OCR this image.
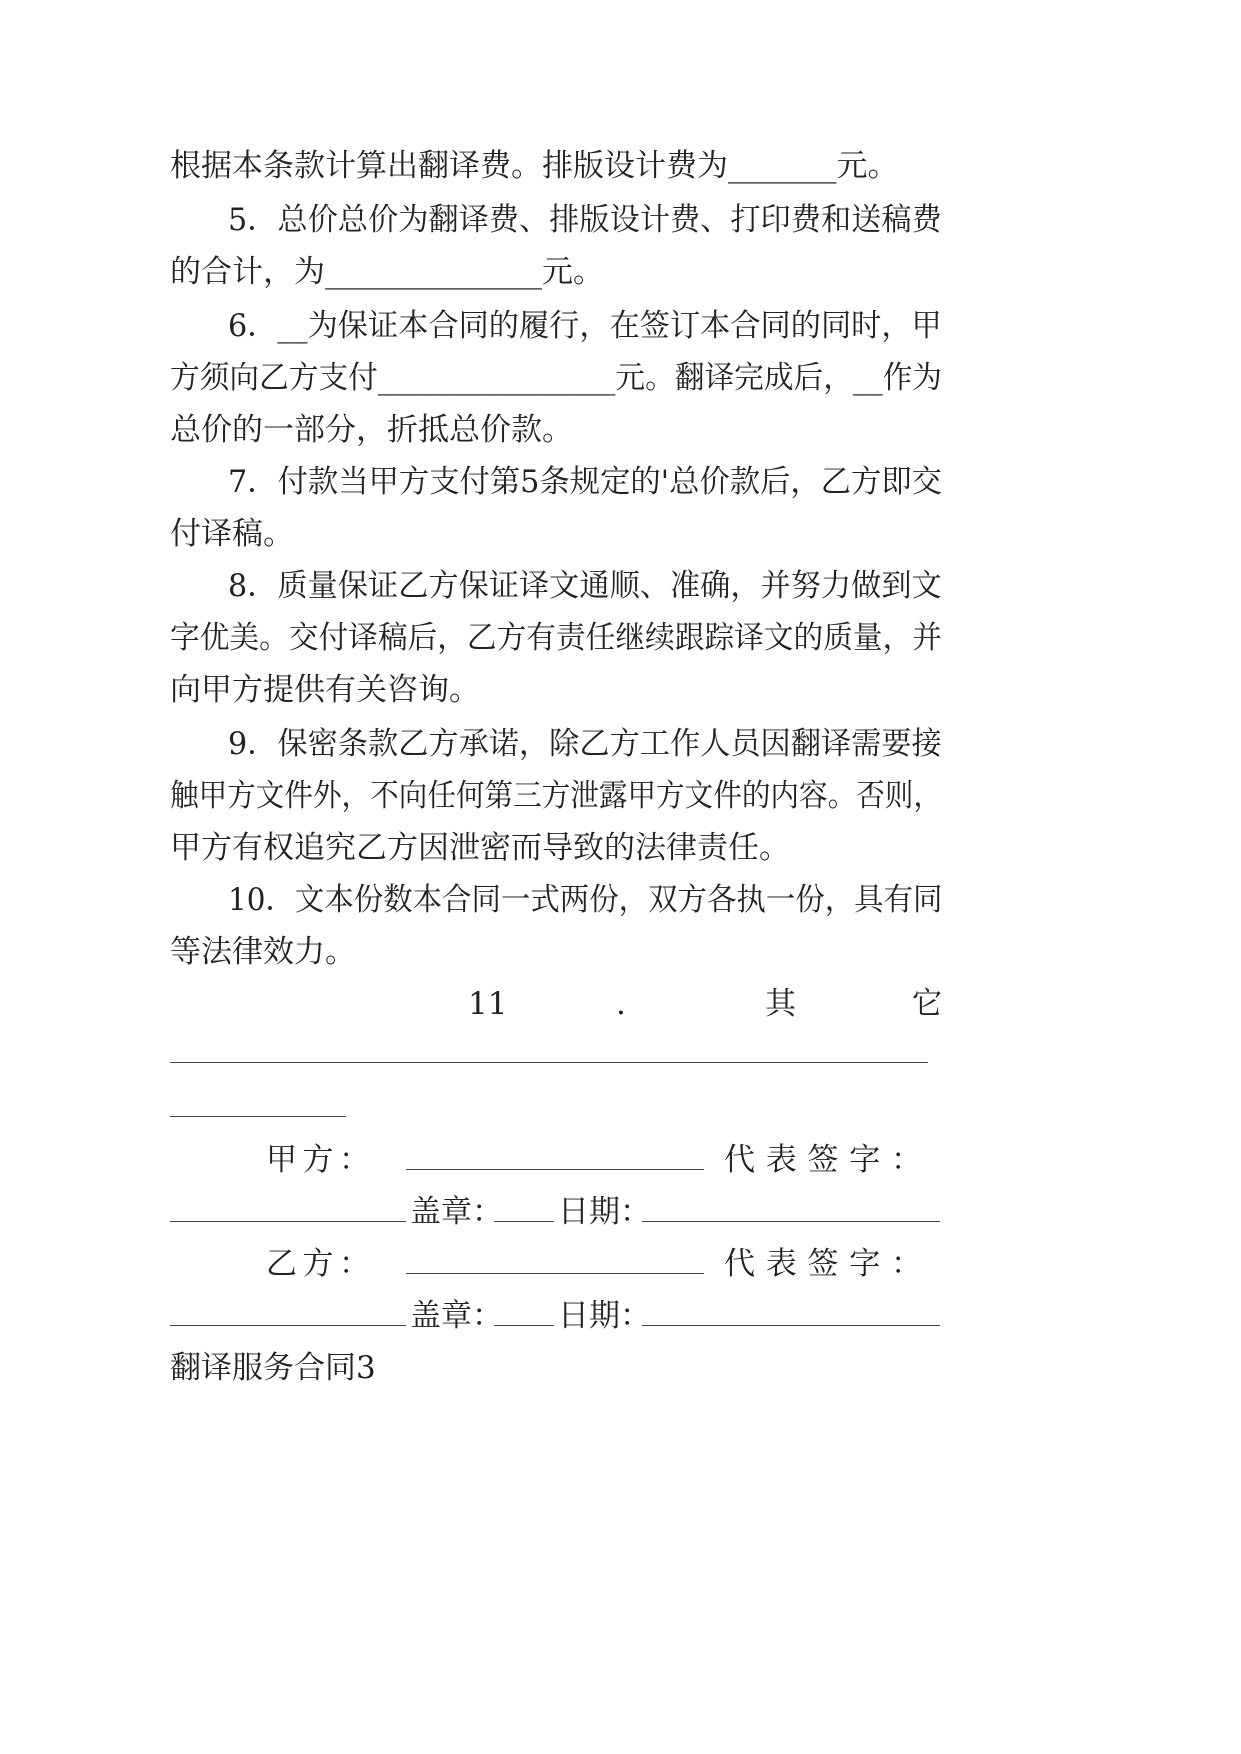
根据本条款计算出翻译费。排版设计费为_______元。
5．总价总价为翻译费、排版设计费、打印费和送稿费
的合计，为______________元。
6．__为保证本合同的履行，在签订本合同的同时，甲
方须向乙方支付________________元。翻译完成后，__作为
总价的一部分，折抵总价款。
7．付款当甲方支付第5条规定的'总价款后，乙方即交
付译稿。
8．质量保证乙方保证译文通顺、准确，并努力做到文
字优美。交付译稿后，乙方有责任继续跟踪译文的质量，并
向甲方提供有关咨询。
9．保密条款乙方承诺，除乙方工作人员因翻译需要接
触甲方文件外，不向任何第三方泄露甲方文件的内容。否则，
甲方有权追究乙方因泄密而导致的法律责任。
10．文本份数本合同一式两份，双方各执一份，具有同
等法律效力。
11	.	其	它
甲 方 ：	代 表 签 字 ：
盖章： 日期：
乙 方 ：	代 表 签 字 ：
盖章： 日期：
翻译服务合同3
